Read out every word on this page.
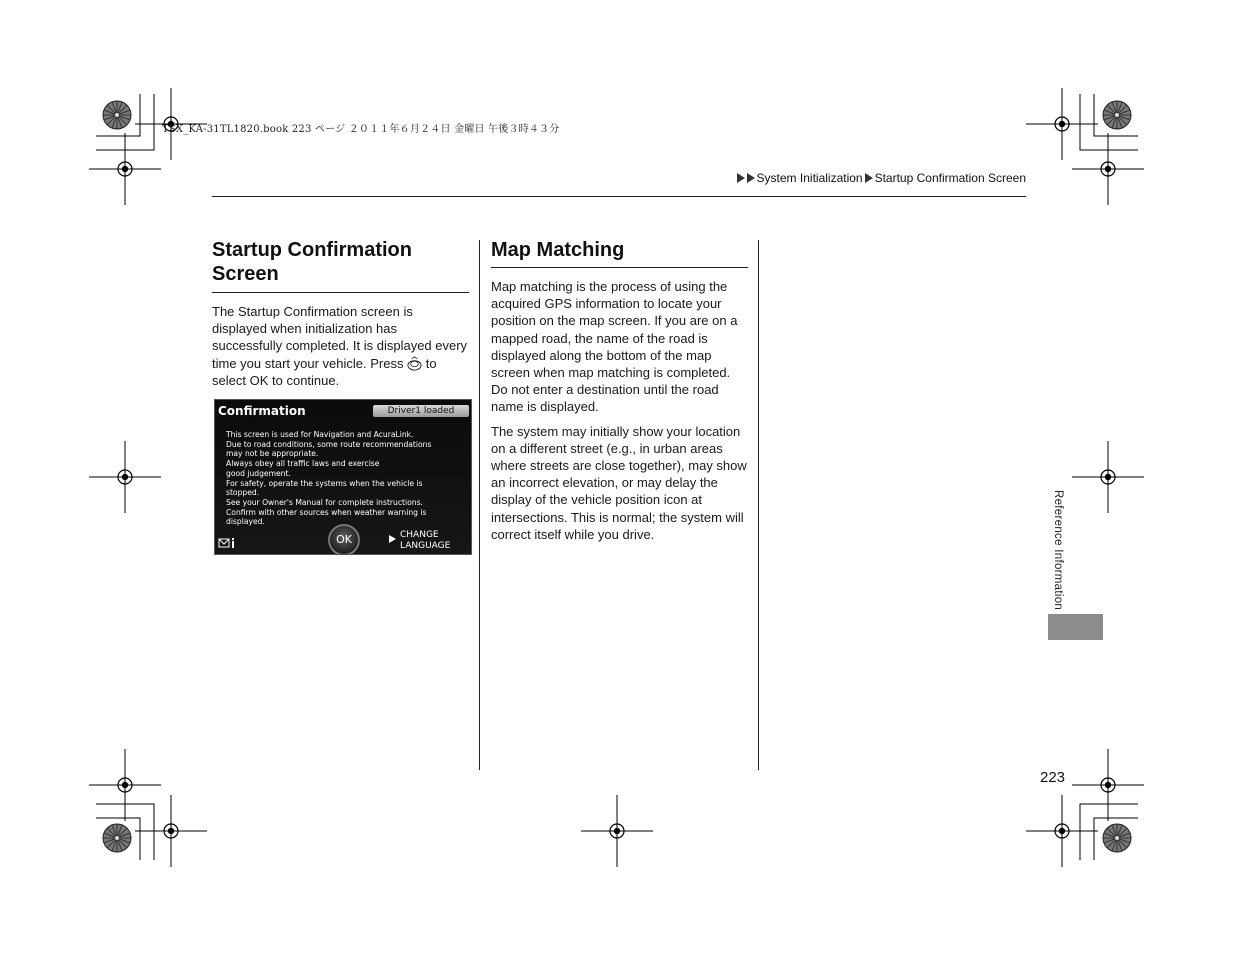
TSX_KA-31TL1820.book 223 ページ ２０１１年６月２４日 金曜日 午後３時４３分
System Initialization Startup Confirmation Screen
Startup Confirmation Screen
The Startup Confirmation screen is displayed when initialization has successfully completed. It is displayed every time you start your vehicle. Press to select OK to continue.
Confirmation	Driver1 loaded
This screen is used for Navigation and AcuraLink.
Due to road conditions, some route recommendations
may not be appropriate.
Always obey all traffic laws and exercise
good judgement.
For safety, operate the systems when the vehicle is
stopped.
See your Owner's Manual for complete instructions.
Confirm with other sources when weather warning is
displayed.
OK	CHANGE
LANGUAGE
Map Matching

Map matching is the process of using the acquired GPS information to locate your position on the map screen. If you are on a mapped road, the name of the road is displayed along the bottom of the map screen when map matching is completed. Do not enter a destination until the road name is displayed.

The system may initially show your location on a different street (e.g., in urban areas where streets are close together), may show an incorrect elevation, or may delay the display of the vehicle position icon at intersections. This is normal; the system will correct itself while you drive.	Reference Information
223
